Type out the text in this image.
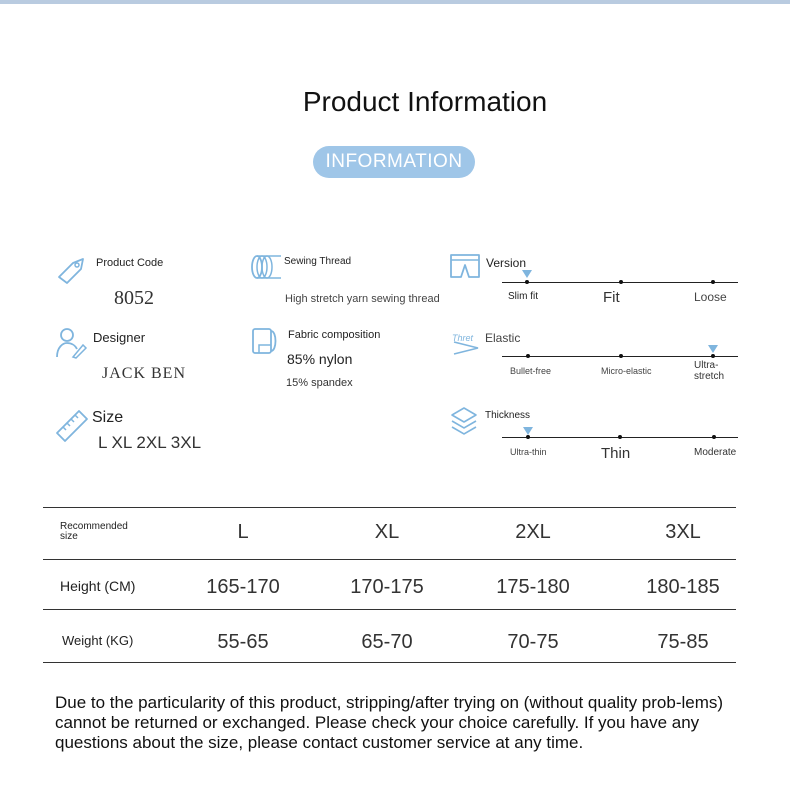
Product Information
INFORMATION
Product Code
8052
Designer
JACK BEN
Size
L XL 2XL 3XL
Sewing Thread
High stretch yarn sewing thread
Fabric composition
85% nylon
15% spandex
Version
Slim fit	Fit	Loose
Thret Elastic
Bullet-free	Micro-elastic	Ultra-
stretch
Thickness
Ultra-thin	Thin	Moderate
Recommended
size	L	XL	2XL	3XL
Height (CM)	165-170	170-175	175-180	180-185
Weight (KG)	55-65	65-70	70-75	75-85
Due to the particularity of this product, stripping/after trying on (without quality prob-lems) cannot be returned or exchanged. Please check your choice carefully. If you have any questions about the size, please contact customer service at any time.
